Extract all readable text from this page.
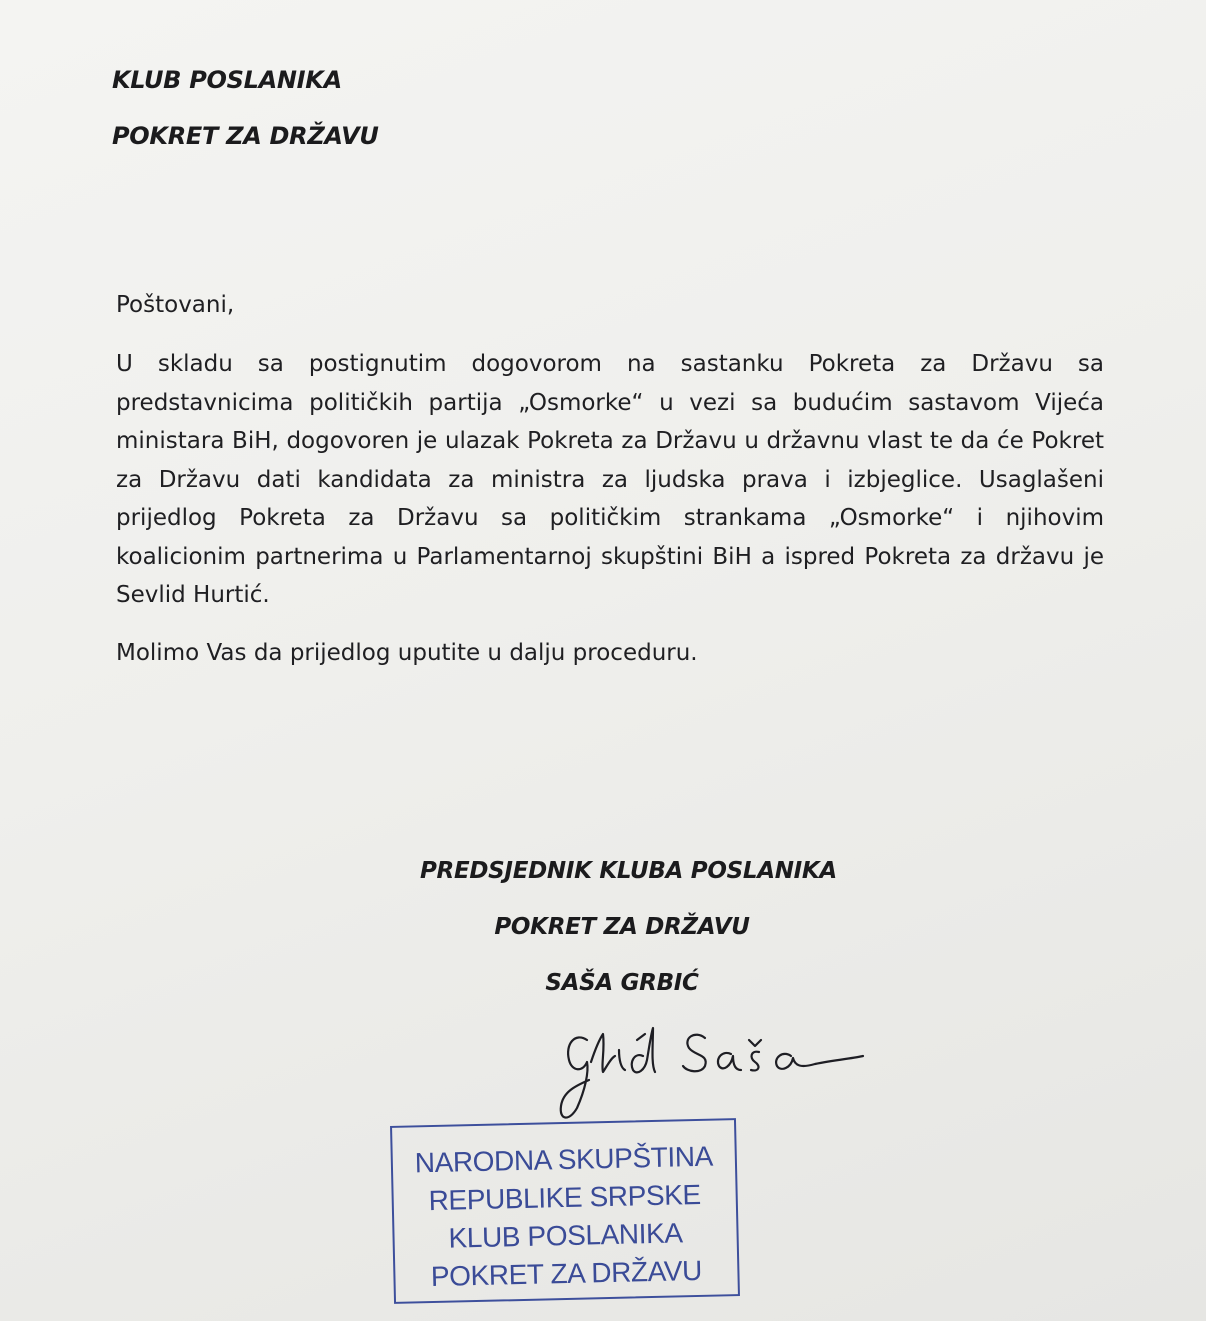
KLUB POSLANIKA
POKRET ZA DRŽAVU
Poštovani,
U skladu sa postignutim dogovorom na sastanku Pokreta za Državu sa predstavnicima političkih partija „Osmorke“ u vezi sa budućim sastavom Vijeća ministara BiH, dogovoren je ulazak Pokreta za Državu u državnu vlast te da će Pokret za Državu dati kandidata za ministra za ljudska prava i izbjeglice. Usaglašeni prijedlog Pokreta za Državu sa političkim strankama „Osmorke“ i njihovim koalicionim partnerima u Parlamentarnoj skupštini BiH a ispred Pokreta za državu je Sevlid Hurtić.
Molimo Vas da prijedlog uputite u dalju proceduru.
PREDSJEDNIK KLUBA POSLANIKA
POKRET ZA DRŽAVU
SAŠA GRBIĆ
NARODNA SKUPŠTINA
REPUBLIKE SRPSKE
KLUB POSLANIKA
POKRET ZA DRŽAVU
